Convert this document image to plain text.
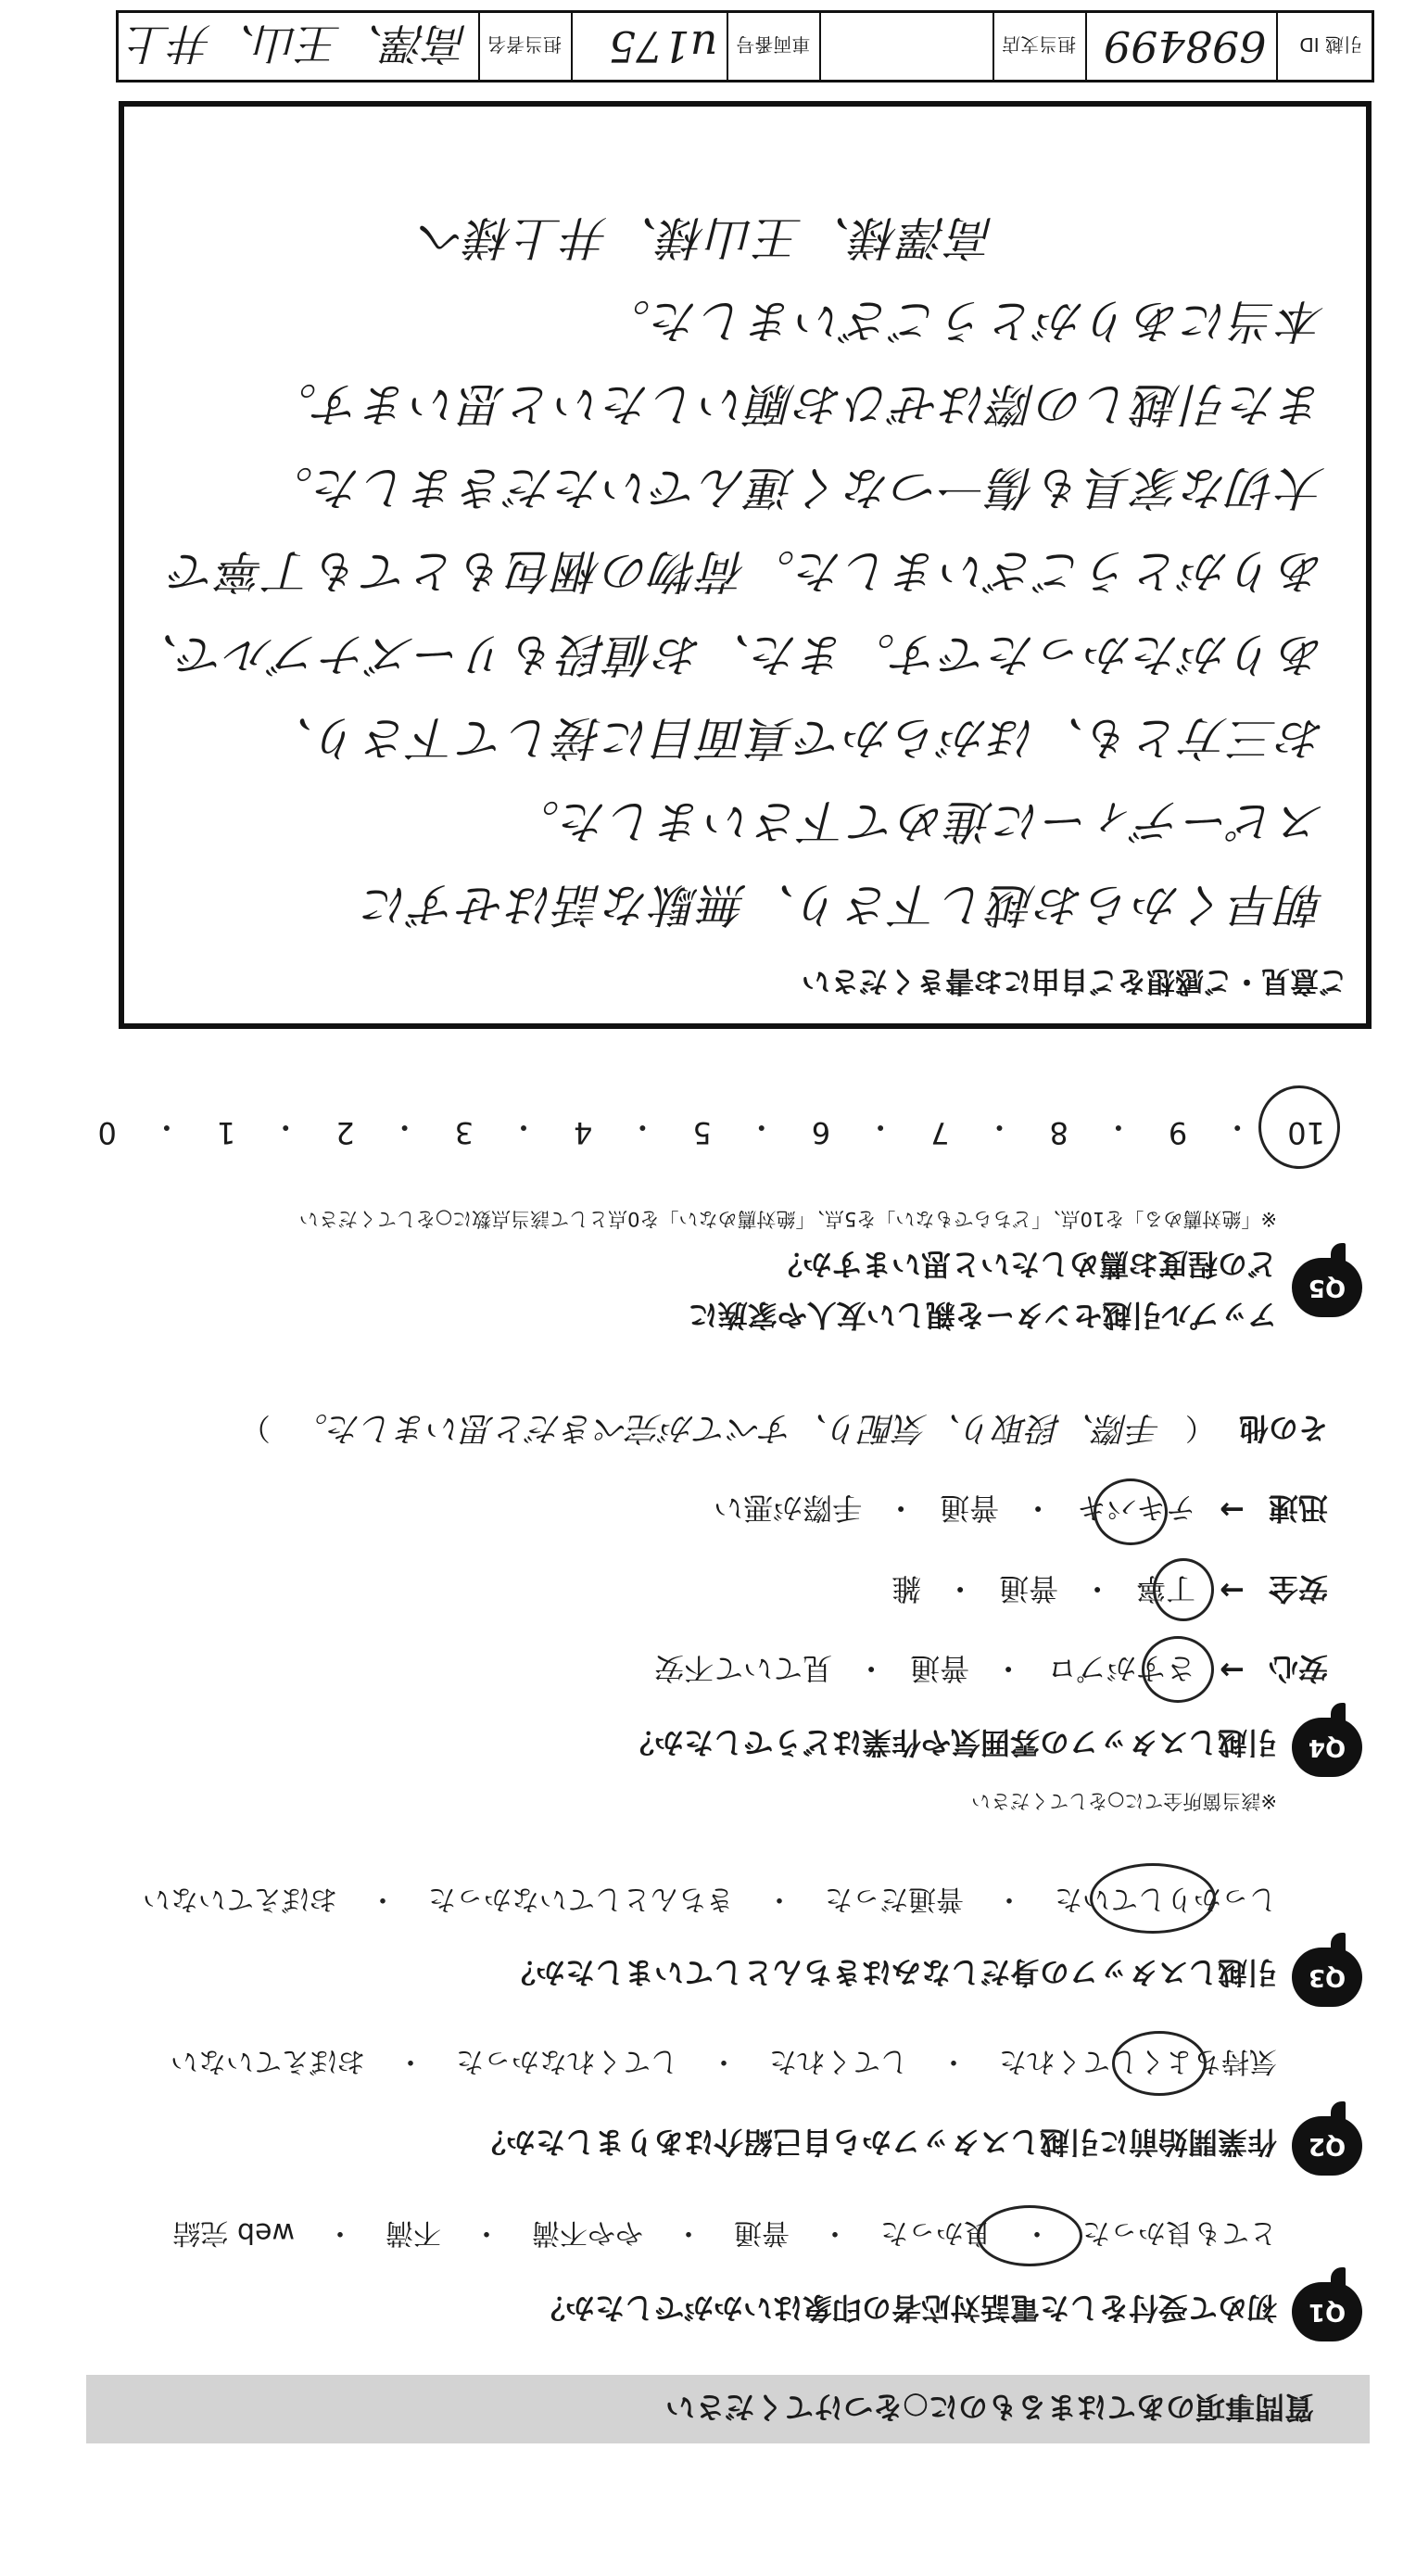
質問事項のあてはまるものに○をつけてください
Q1
初めて受付をした電話対応者の印象はいかがでしたか？
とても良かった
・
良かった
・
普通
・
やや不満
・
不満
・
web 完結
Q2
作業開始前に引越しスタッフから自己紹介はありましたか？
気持ちよくしてくれた
・
してくれた
・
してくれなかった
・
おぼえていない
Q3
引越しスタッフの身だしなみはきちんとしていましたか？
しっかりしていた
・
普通だった
・
きちんとしていなかった
・
おぼえていない
Q4
引越しスタッフの雰囲気や作業はどうでしたか？
※該当箇所全てに○をしてください
安心
→
さすがプロ
・
普通
・
見ていて不安
安全
→
丁寧
・
普通
・
雑
迅速
→
テキパキ
・
普通
・
手際が悪い
その他
（
手際、段取り、気配り、すべてが完ぺきだと思いました。
）
Q5
アップル引越センターを親しい友人や家族に
どの程度お薦めしたいと思いますか？
※「絶対薦める」を10点、「どちらでもない」を5点、「絶対薦めない」を0点として該当点数に○をしてください
10
・
9
・
8
・
7
・
6
・
5
・
4
・
3
・
2
・
1
・
0
ご意見・ご感想をご自由にお書きください
朝早くからお越し下さり、無駄な話はせずに
スピーディーに進めて下さいました。
お三方とも、ほがらかで真面目に接して下さり、
ありがたかったです。また、お値段もリーズナブルで、
ありがとうございました。荷物の梱包もとても丁寧で
大切な家具も傷一つなく運んでいただきました。
また引越しの際はぜひお願いしたいと思います。
本当にありがとうございました。
高澤様、王山様、井上様へ
引越 ID
698499
担当支店
車両番号
u175
担当者名
高澤、王山、井上
